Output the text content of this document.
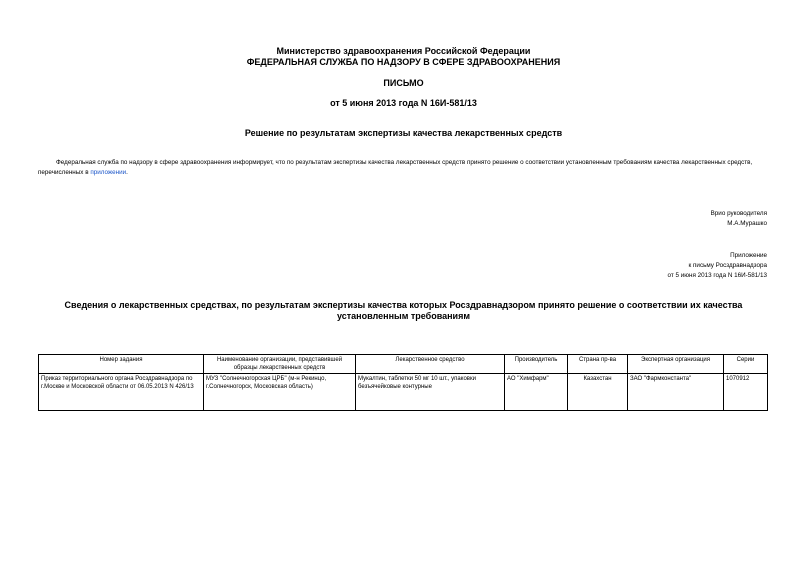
Министерство здравоохранения Российской Федерации
ФЕДЕРАЛЬНАЯ СЛУЖБА ПО НАДЗОРУ В СФЕРЕ ЗДРАВООХРАНЕНИЯ
ПИСЬМО
от 5 июня 2013 года N 16И-581/13
Решение по результатам экспертизы качества лекарственных средств
Федеральная служба по надзору в сфере здравоохранения информирует, что по результатам экспертизы качества лекарственных средств принято решение о соответствии установленным требованиям качества лекарственных средств, перечисленных в приложении.
Врио руководителя
М.А.Мурашко
Приложение
к письму Росздравнадзора
от 5 июня 2013 года N 16И-581/13
Сведения о лекарственных средствах, по результатам экспертизы качества которых Росздравнадзором принято решение о соответствии их качества
установленным требованиям
Номер задания	Наименование организации, представившей образцы лекарственных средств	Лекарственное средство	Производитель	Страна пр-ва	Экспертная организация	Серии
Приказ территориального органа Росздравнадзора по г.Москве и Московской области от 06.05.2013 N 426/13	МУЗ "Солнечногорская ЦРБ" (м-н Рекинцо, г.Солнечногорск, Московская область)	Мукалтин, таблетки 50 мг 10 шт., упаковки безъячейковые контурные	АО "Химфарм"	Казахстан	ЗАО "Фармконстанта"	1070912
